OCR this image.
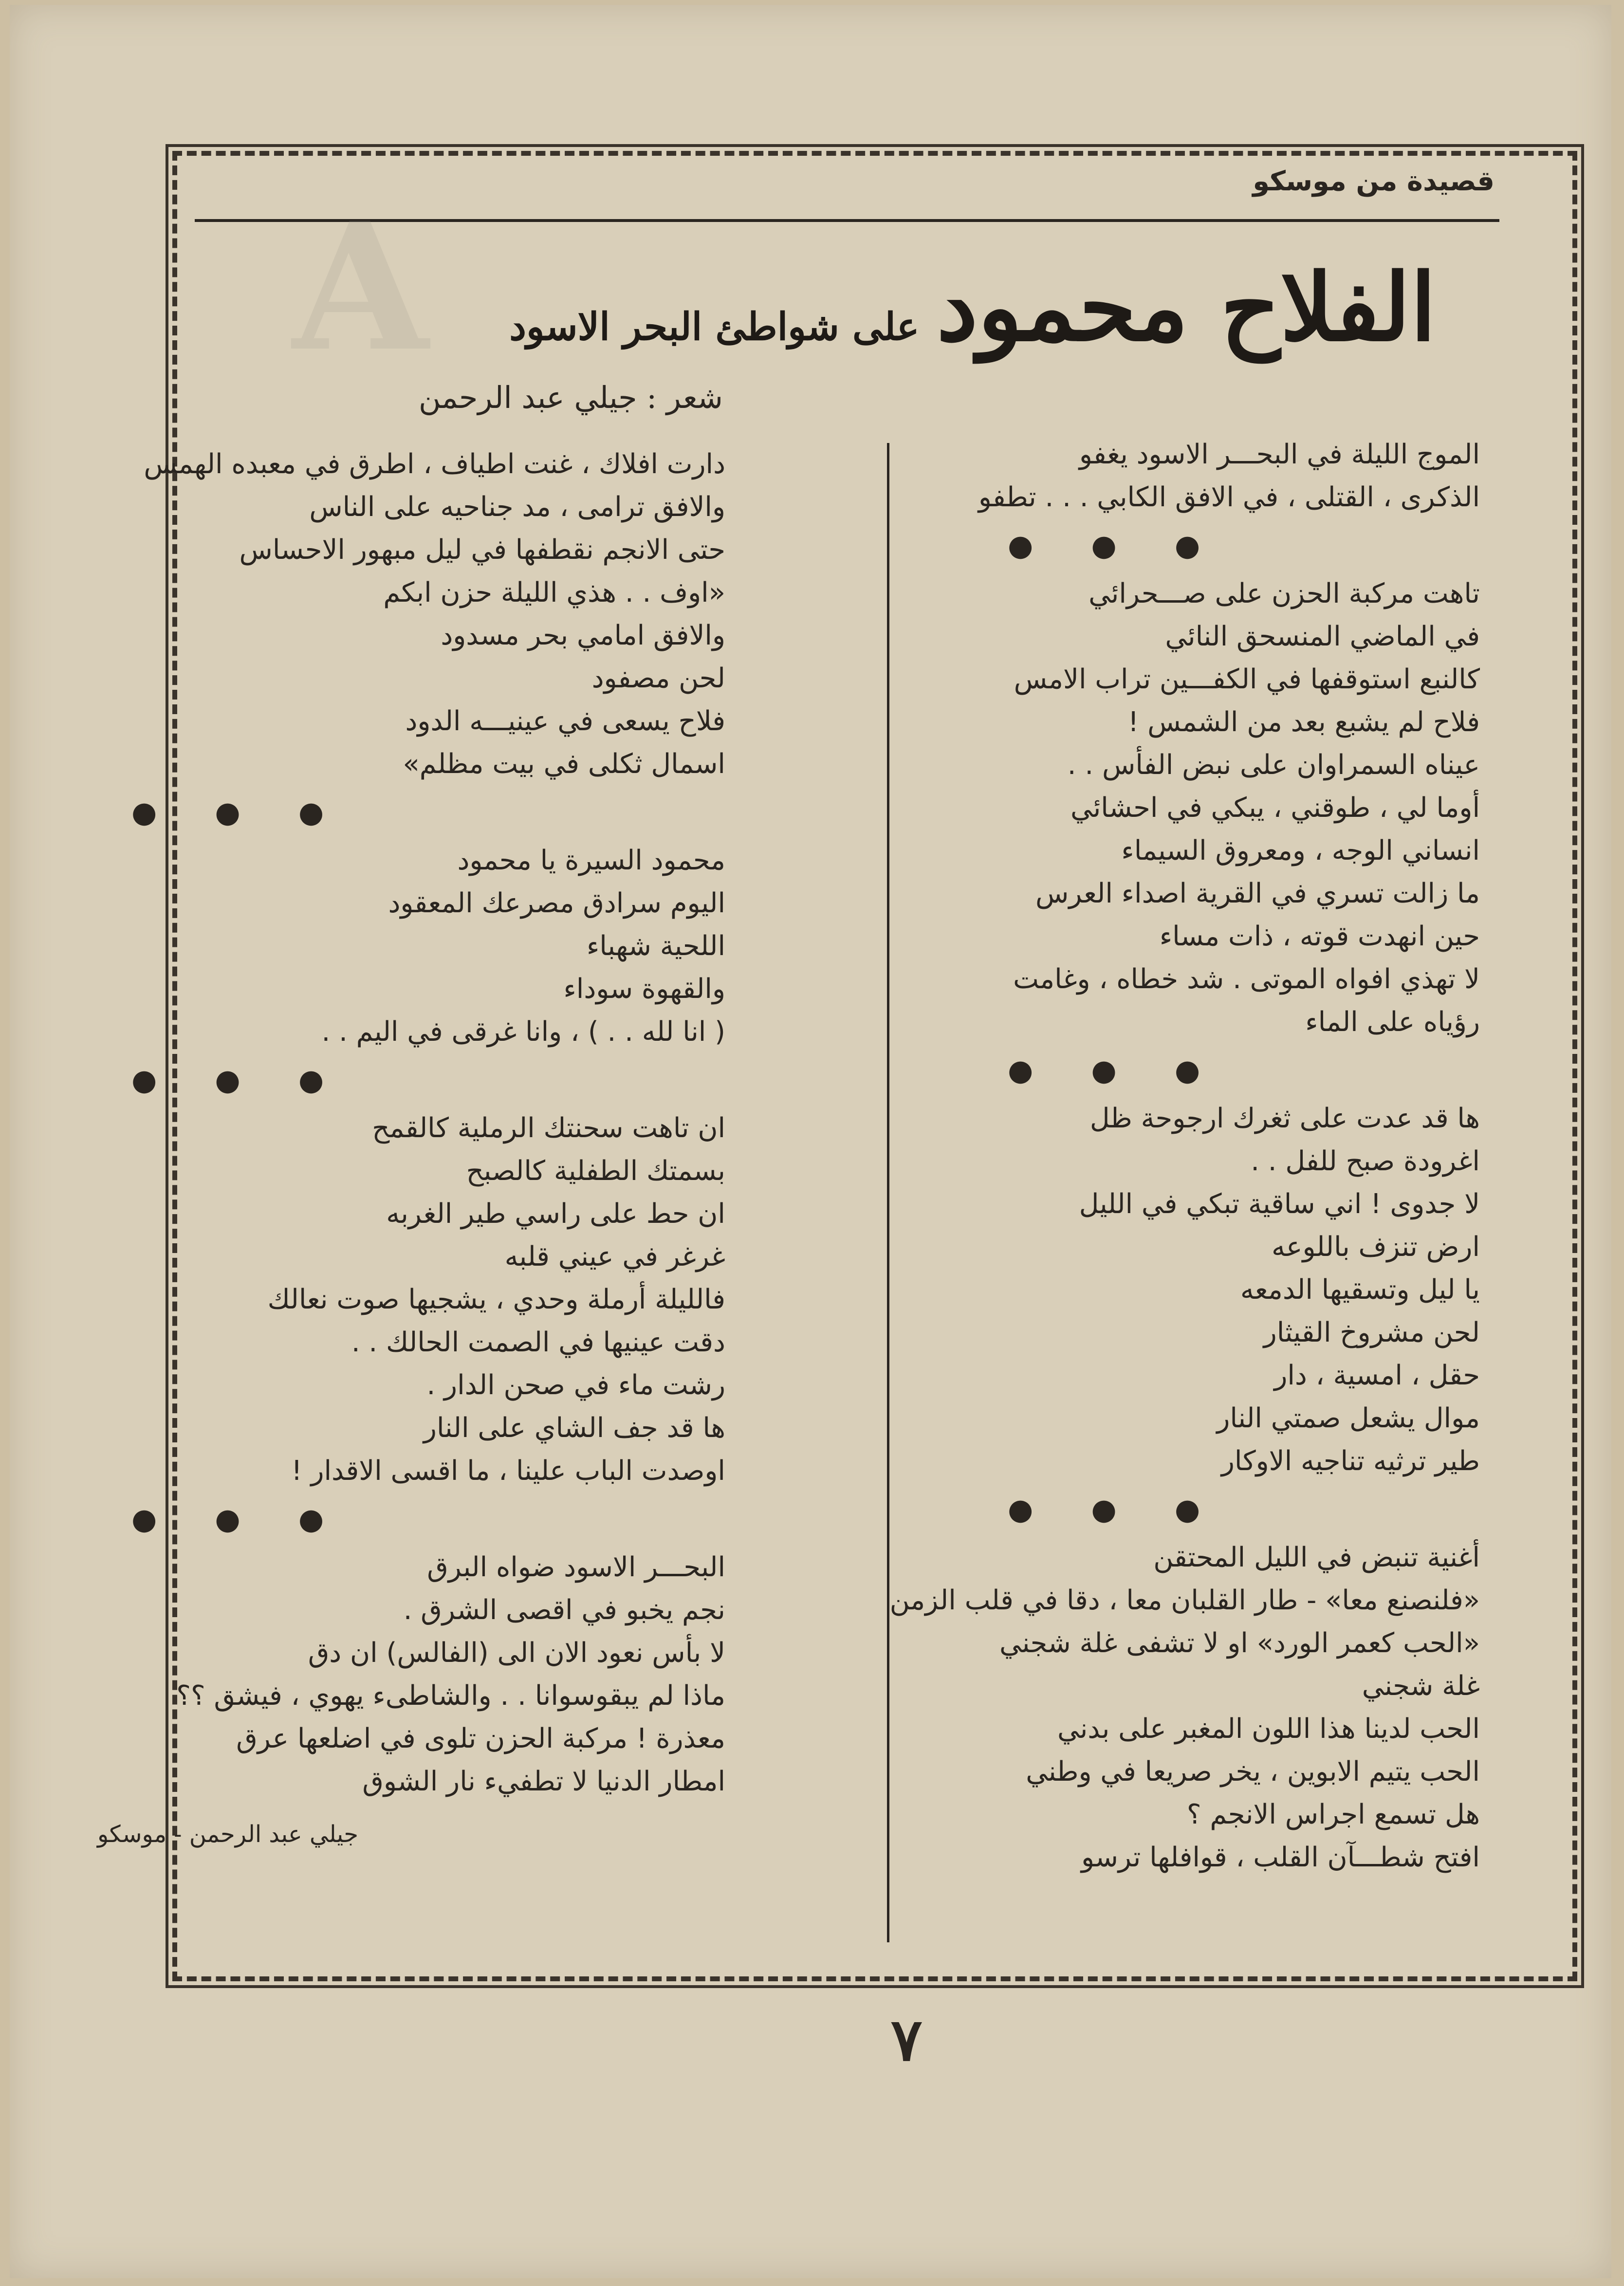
قصيدة من موسكو
A	الفلاح محمود على شواطئ البحر الاسود
شعر : جيلي عبد الرحمن
الموج الليلة في البحـــر الاسود يغفو
الذكرى ، القتلى ، في الافق الكابي . . . تطفو
● ● ●
تاهت مركبة الحزن على صـــحرائي
في الماضي المنسحق النائي
كالنبع استوقفها في الكفـــين تراب الامس
فلاح لم يشبع بعد من الشمس !
عيناه السمراوان على نبض الفأس . .
أوما لي ، طوقني ، يبكي في احشائي
انساني الوجه ، ومعروق السيماء
ما زالت تسري في القرية اصداء العرس
حين انهدت قوته ، ذات مساء
لا تهذي افواه الموتى . شد خطاه ، وغامت
رؤياه على الماء
● ● ●
ها قد عدت على ثغرك ارجوحة ظل
اغرودة صبح للفل . .
لا جدوى ! اني ساقية تبكي في الليل
ارض تنزف باللوعه
يا ليل وتسقيها الدمعه
لحن مشروخ القيثار
حقل ، امسية ، دار
موال يشعل صمتي النار
طير ترثيه تناجيه الاوكار
● ● ●
أغنية تنبض في الليل المحتقن
«فلنصنع معا» - طار القلبان معا ، دقا في قلب الزمن
«الحب كعمر الورد» او لا تشفى غلة شجني
غلة شجني
الحب لدينا هذا اللون المغبر على بدني
الحب يتيم الابوين ، يخر صريعا في وطني
هل تسمع اجراس الانجم ؟
افتح شطـــآن القلب ، قوافلها ترسو
دارت افلاك ، غنت اطياف ، اطرق في معبده الهمس
والافق ترامى ، مد جناحيه على الناس
حتى الانجم نقطفها في ليل مبهور الاحساس
«اوف . . هذي الليلة حزن ابكم
والافق امامي بحر مسدود
لحن مصفود
فلاح يسعى في عينيـــه الدود
اسمال ثكلى في بيت مظلم»
● ● ●
محمود السيرة يا محمود
اليوم سرادق مصرعك المعقود
اللحية شهباء
والقهوة سوداء
( انا لله . . ) ، وانا غرقى في اليم . .
● ● ●
ان تاهت سحنتك الرملية كالقمح
بسمتك الطفلية كالصبح
ان حط على راسي طير الغربه
غرغر في عيني قلبه
فالليلة أرملة وحدي ، يشجيها صوت نعالك
دقت عينيها في الصمت الحالك . .
رشت ماء في صحن الدار .
ها قد جف الشاي على النار
اوصدت الباب علينا ، ما اقسى الاقدار !
● ● ●
البحـــر الاسود ضواه البرق
نجم يخبو في اقصى الشرق .
لا بأس نعود الان الى (الفالس) ان دق
ماذا لم يبقوسوانا . . والشاطىء يهوي ، فيشق ؟؟
معذرة ! مركبة الحزن تلوى في اضلعها عرق
امطار الدنيا لا تطفيء نار الشوق
جيلي عبد الرحمن - موسكو
٧
